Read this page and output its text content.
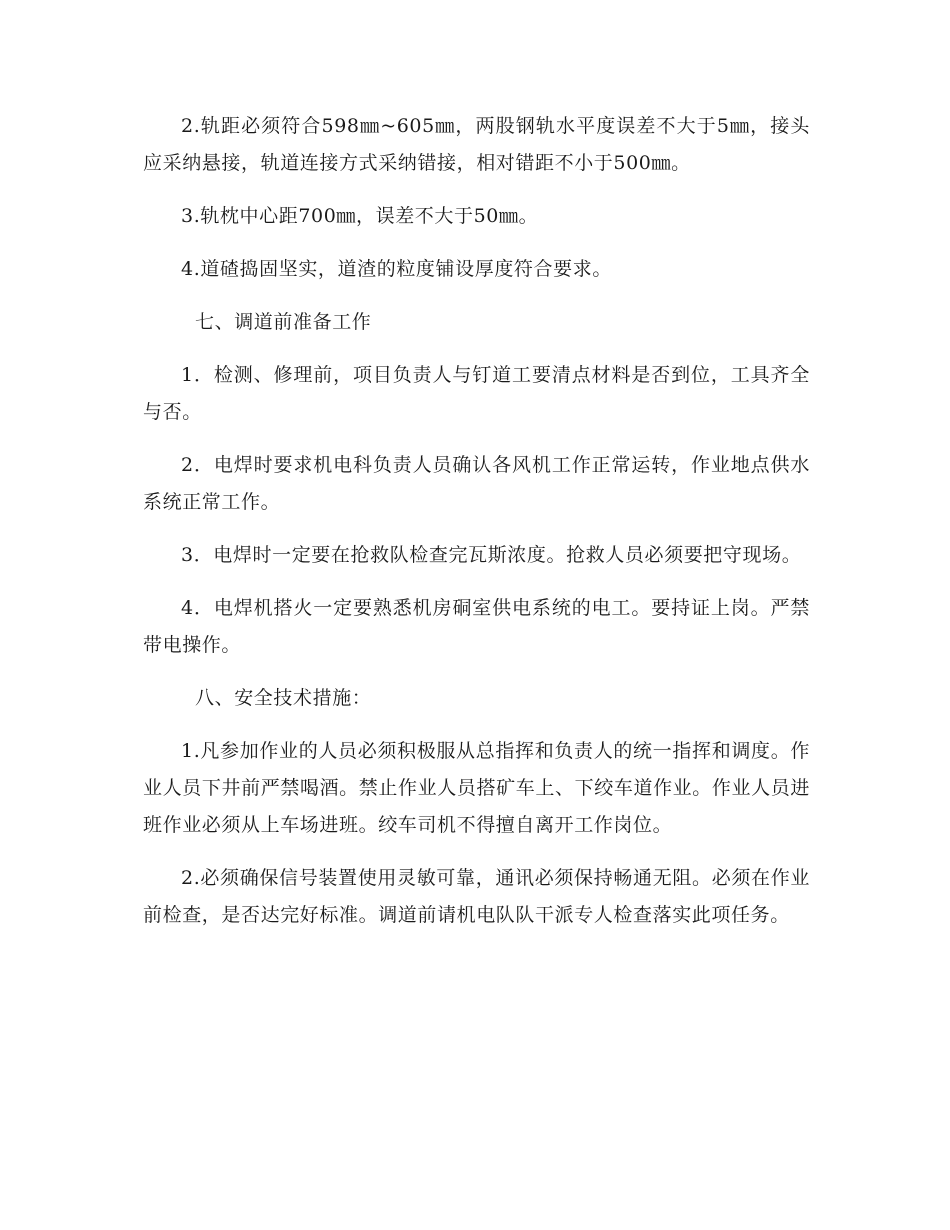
2.轨距必须符合598㎜~605㎜，两股钢轨水平度误差不大于5㎜，接头应采纳悬接，轨道连接方式采纳错接，相对错距不小于500㎜。

3.轨枕中心距700㎜，误差不大于50㎜。

4.道碴捣固坚实，道渣的粒度铺设厚度符合要求。

七、调道前准备工作

1．检测、修理前，项目负责人与钉道工要清点材料是否到位，工具齐全与否。

2．电焊时要求机电科负责人员确认各风机工作正常运转，作业地点供水系统正常工作。

3．电焊时一定要在抢救队检查完瓦斯浓度。抢救人员必须要把守现场。

4．电焊机搭火一定要熟悉机房硐室供电系统的电工。要持证上岗。严禁带电操作。

八、安全技术措施：

1.凡参加作业的人员必须积极服从总指挥和负责人的统一指挥和调度。作业人员下井前严禁喝酒。禁止作业人员搭矿车上、下绞车道作业。作业人员进班作业必须从上车场进班。绞车司机不得擅自离开工作岗位。

2.必须确保信号装置使用灵敏可靠，通讯必须保持畅通无阻。必须在作业前检查，是否达完好标准。调道前请机电队队干派专人检查落实此项任务。
